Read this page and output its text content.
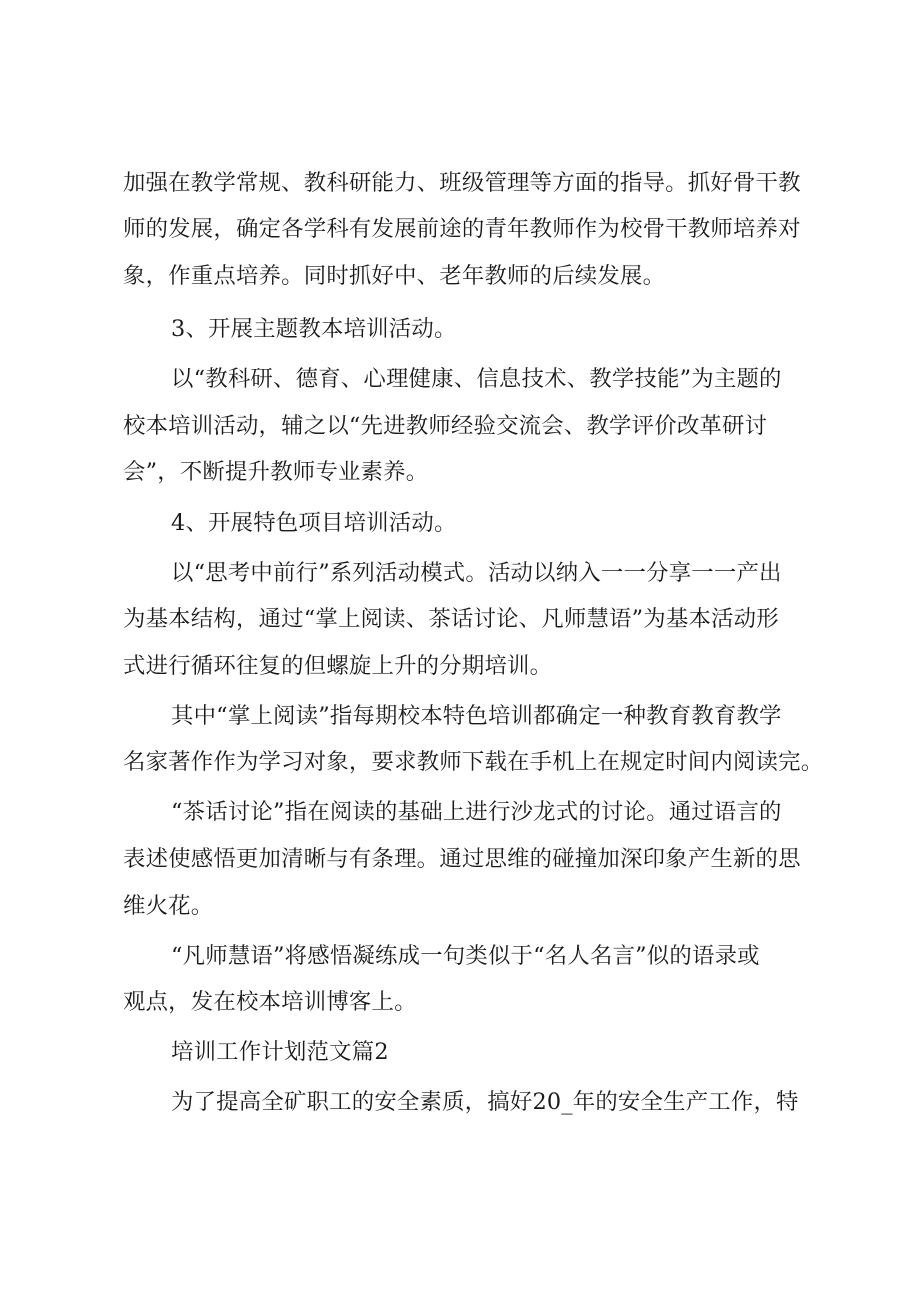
加强在教学常规、教科研能力、班级管理等方面的指导。抓好骨干教

师的发展，确定各学科有发展前途的青年教师作为校骨干教师培养对

象，作重点培养。同时抓好中、老年教师的后续发展。

3、开展主题教本培训活动。

以“教科研、德育、心理健康、信息技术、教学技能”为主题的

校本培训活动，辅之以“先进教师经验交流会、教学评价改革研讨

会”，不断提升教师专业素养。

4、开展特色项目培训活动。

以“思考中前行”系列活动模式。活动以纳入一一分享一一产出

为基本结构，通过“掌上阅读、茶话讨论、凡师慧语”为基本活动形

式进行循环往复的但螺旋上升的分期培训。

其中“掌上阅读”指每期校本特色培训都确定一种教育教育教学

名家著作作为学习对象，要求教师下载在手机上在规定时间内阅读完。

“茶话讨论”指在阅读的基础上进行沙龙式的讨论。通过语言的

表述使感悟更加清晰与有条理。通过思维的碰撞加深印象产生新的思

维火花。

“凡师慧语”将感悟凝练成一句类似于“名人名言”似的语录或

观点，发在校本培训博客上。

培训工作计划范文篇2

为了提高全矿职工的安全素质，搞好20_年的安全生产工作，特
